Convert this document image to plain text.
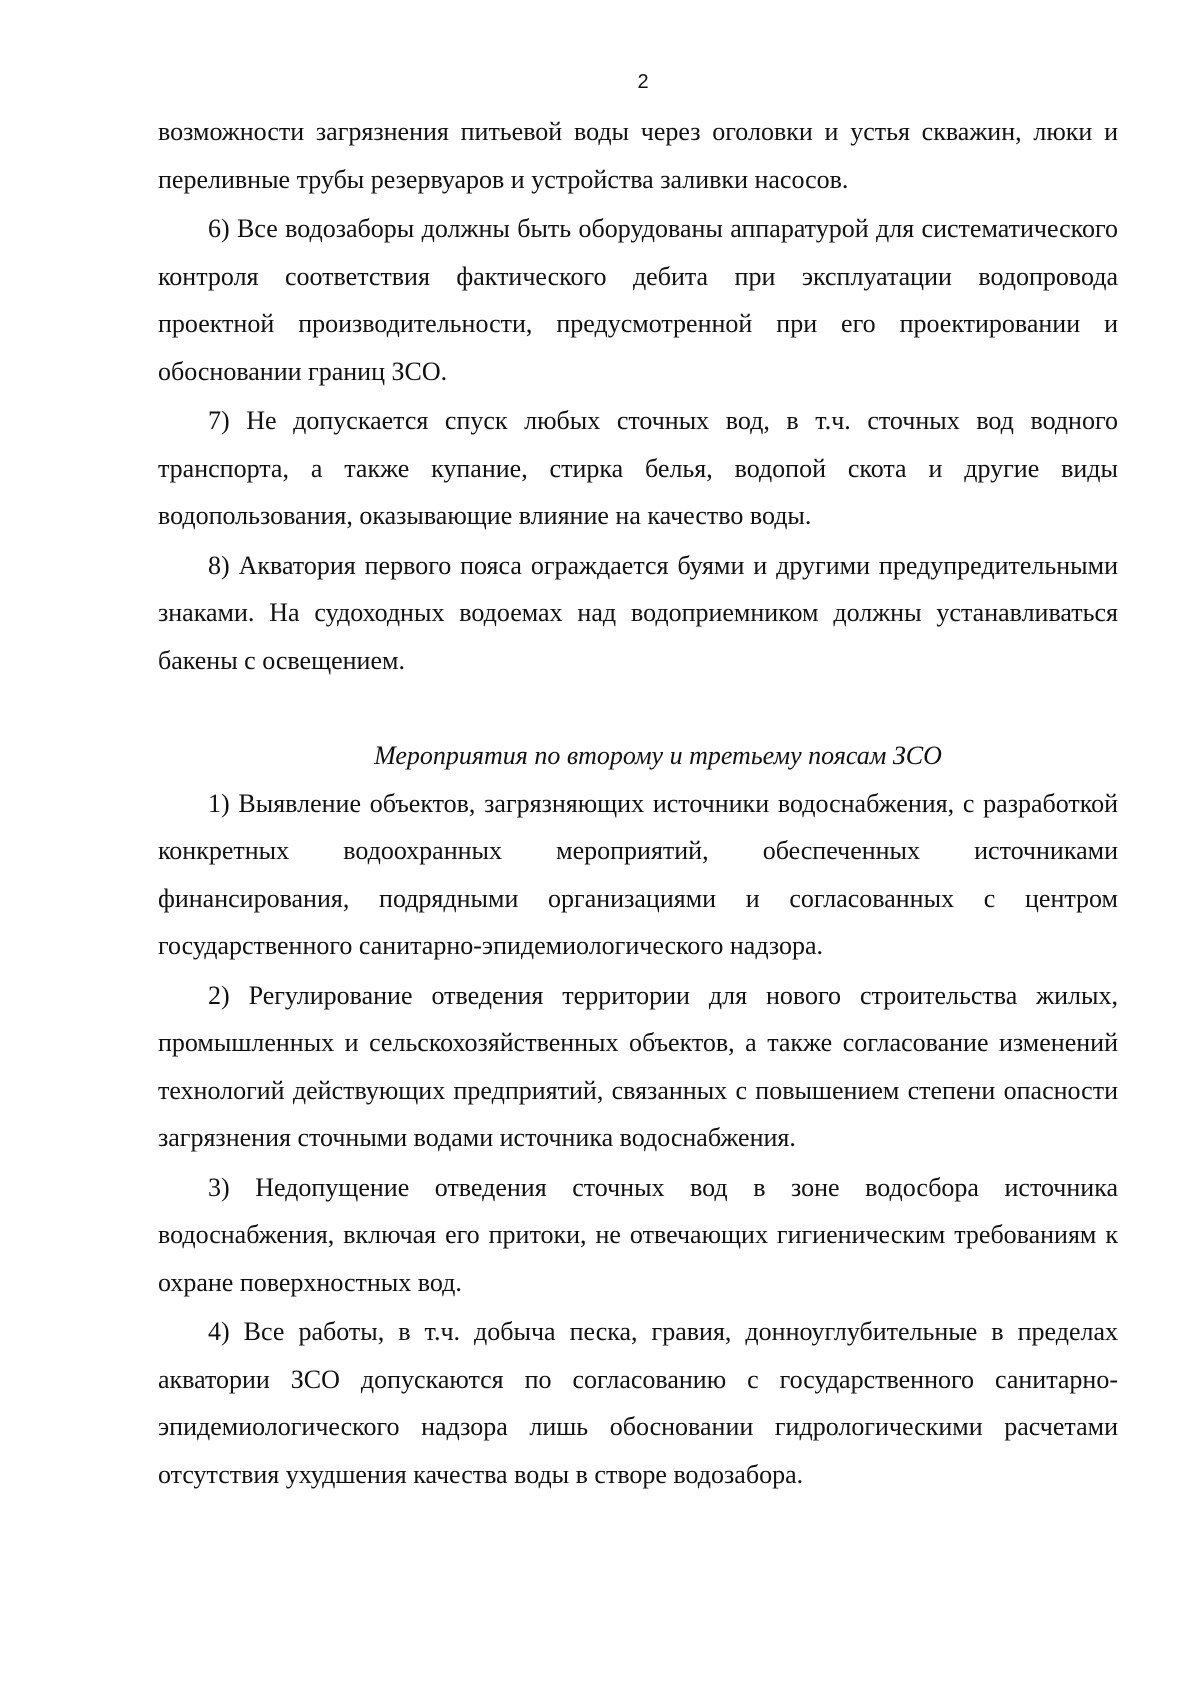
2

возможности загрязнения питьевой воды через оголовки и устья скважин, люки и переливные трубы резервуаров и устройства заливки насосов.

6) Все водозаборы должны быть оборудованы аппаратурой для систематического контроля соответствия фактического дебита при эксплуатации водопровода проектной производительности, предусмотренной при его проектировании и обосновании границ ЗСО.

7) Не допускается спуск любых сточных вод, в т.ч. сточных вод водного транспорта, а также купание, стирка белья, водопой скота и другие виды водопользования, оказывающие влияние на качество воды.

8) Акватория первого пояса ограждается буями и другими предупредительными знаками. На судоходных водоемах над водоприемником должны устанавливаться бакены с освещением.

Мероприятия по второму и третьему поясам ЗСО

1) Выявление объектов, загрязняющих источники водоснабжения, с разработкой конкретных водоохранных мероприятий, обеспеченных источниками финансирования, подрядными организациями и согласованных с центром государственного санитарно-эпидемиологического надзора.

2) Регулирование отведения территории для нового строительства жилых, промышленных и сельскохозяйственных объектов, а также согласование изменений технологий действующих предприятий, связанных с повышением степени опасности загрязнения сточными водами источника водоснабжения.

3) Недопущение отведения сточных вод в зоне водосбора источника водоснабжения, включая его притоки, не отвечающих гигиеническим требованиям к охране поверхностных вод.

4) Все работы, в т.ч. добыча песка, гравия, донноуглубительные в пределах акватории ЗСО допускаются по согласованию с государственного санитарно-эпидемиологического надзора лишь обосновании гидрологическими расчетами отсутствия ухудшения качества воды в створе водозабора.
